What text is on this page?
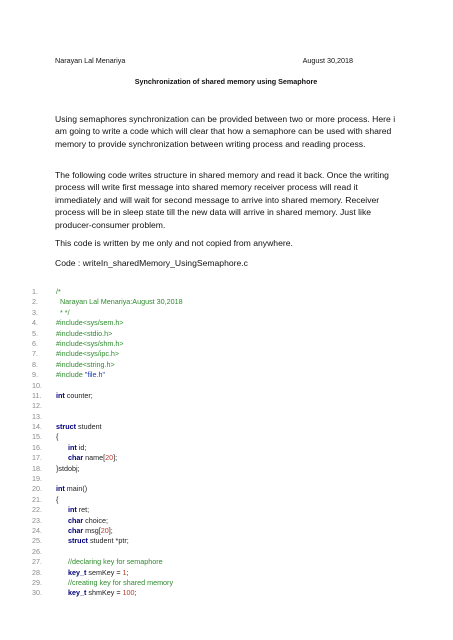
Narayan Lal Menariya	August 30,2018
Synchronization of shared memory using Semaphore

Using semaphores synchronization can be provided between two or more process. Here i am going to write a code which will clear that how a semaphore can be used with shared memory to provide synchronization between writing process and reading process.

The following code writes structure in shared memory and read it back. Once the writing process will write first message into shared memory receiver process will read it immediately and will wait for second message to arrive into shared memory. Receiver process will be in sleep state till the new data will arrive in shared memory. Just like producer-consumer problem.

This code is written by me only and not copied from anywhere.

Code : writeIn_sharedMemory_UsingSemaphore.c

1.	/*
2.	Narayan Lal Menariya:August 30,2018
3.	* */
4.	#include<sys/sem.h>
5.	#include<stdio.h>
6.	#include<sys/shm.h>
7.	#include<sys/ipc.h>
8.	#include<string.h>
9.	#include "file.h"
10.
11.	int counter;
12.
13.
14.	struct student
15.	{
16.	int id;
17.	char name[20];
18.	}stdobj;
19.
20.	int main()
21.	{
22.	int ret;
23.	char choice;
24.	char msg[20];
25.	struct student *ptr;
26.
27.	//declaring key for semaphore
28.	key_t semKey = 1;
29.	//creating key for shared memory
30.	key_t shmKey = 100;
